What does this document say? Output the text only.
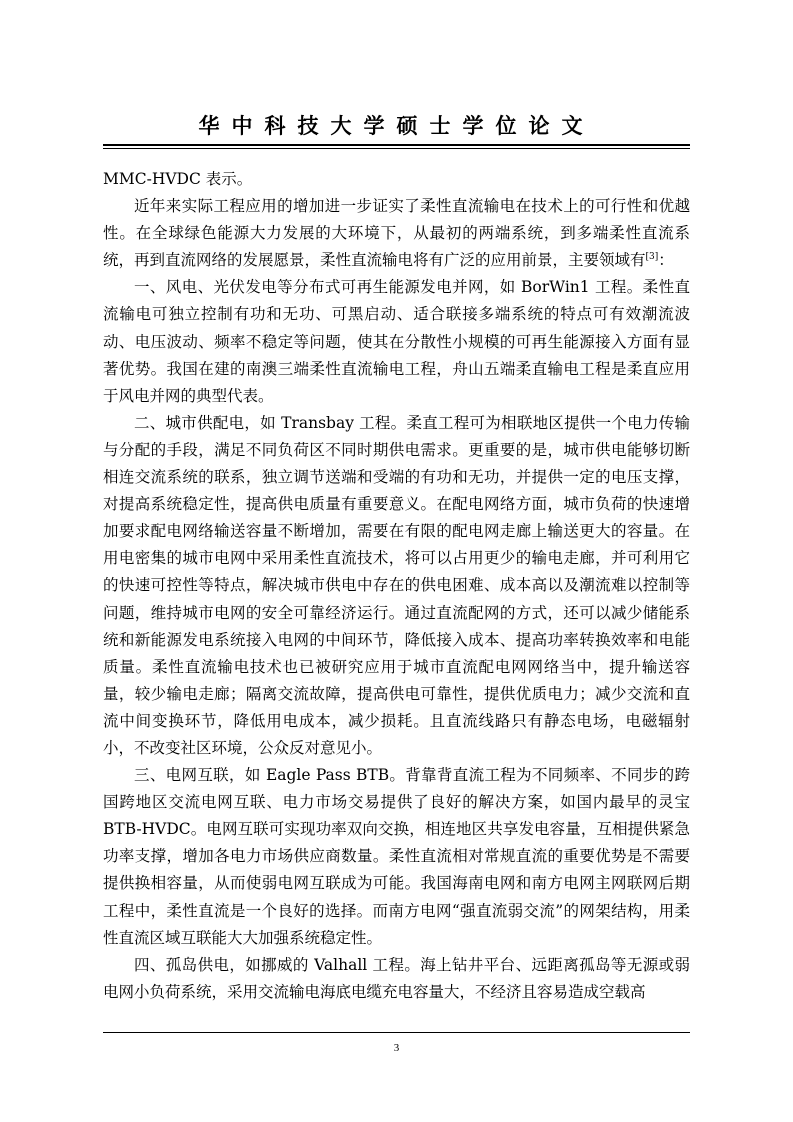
华中科技大学硕士学位论文

MMC-HVDC 表示。

近年来实际工程应用的增加进一步证实了柔性直流输电在技术上的可行性和优越性。在全球绿色能源大力发展的大环境下，从最初的两端系统，到多端柔性直流系统，再到直流网络的发展愿景，柔性直流输电将有广泛的应用前景，主要领域有[3]：

一、风电、光伏发电等分布式可再生能源发电并网，如 BorWin1 工程。柔性直流输电可独立控制有功和无功、可黑启动、适合联接多端系统的特点可有效潮流波动、电压波动、频率不稳定等问题，使其在分散性小规模的可再生能源接入方面有显著优势。我国在建的南澳三端柔性直流输电工程，舟山五端柔直输电工程是柔直应用于风电并网的典型代表。

二、城市供配电，如 Transbay 工程。柔直工程可为相联地区提供一个电力传输与分配的手段，满足不同负荷区不同时期供电需求。更重要的是，城市供电能够切断相连交流系统的联系，独立调节送端和受端的有功和无功，并提供一定的电压支撑，对提高系统稳定性，提高供电质量有重要意义。在配电网络方面，城市负荷的快速增加要求配电网络输送容量不断增加，需要在有限的配电网走廊上输送更大的容量。在用电密集的城市电网中采用柔性直流技术，将可以占用更少的输电走廊，并可利用它的快速可控性等特点，解决城市供电中存在的供电困难、成本高以及潮流难以控制等问题，维持城市电网的安全可靠经济运行。通过直流配网的方式，还可以减少储能系统和新能源发电系统接入电网的中间环节，降低接入成本、提高功率转换效率和电能质量。柔性直流输电技术也已被研究应用于城市直流配电网网络当中，提升输送容量，较少输电走廊；隔离交流故障，提高供电可靠性，提供优质电力；减少交流和直流中间变换环节，降低用电成本，减少损耗。且直流线路只有静态电场，电磁辐射小，不改变社区环境，公众反对意见小。

三、电网互联，如 Eagle Pass BTB。背靠背直流工程为不同频率、不同步的跨国跨地区交流电网互联、电力市场交易提供了良好的解决方案，如国内最早的灵宝BTB-HVDC。电网互联可实现功率双向交换，相连地区共享发电容量，互相提供紧急功率支撑，增加各电力市场供应商数量。柔性直流相对常规直流的重要优势是不需要提供换相容量，从而使弱电网互联成为可能。我国海南电网和南方电网主网联网后期工程中，柔性直流是一个良好的选择。而南方电网“强直流弱交流”的网架结构，用柔性直流区域互联能大大加强系统稳定性。

四、孤岛供电，如挪威的 Valhall 工程。海上钻井平台、远距离孤岛等无源或弱电网小负荷系统，采用交流输电海底电缆充电容量大，不经济且容易造成空载高

3
